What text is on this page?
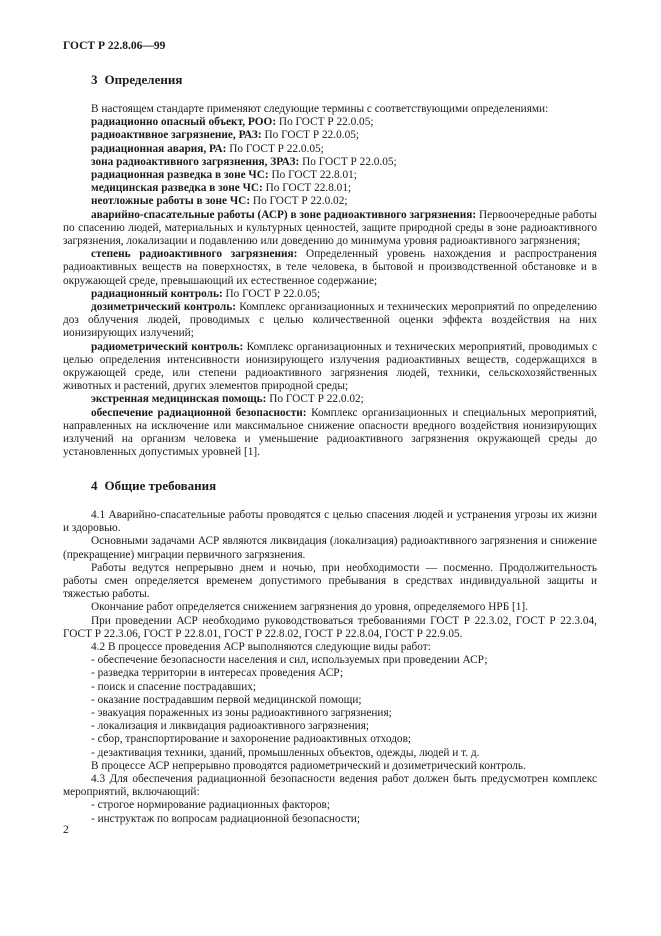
ГОСТ Р 22.8.06—99
3 Определения

В настоящем стандарте применяют следующие термины с соответствующими определениями:

радиационно опасный объект, РОО: По ГОСТ Р 22.0.05;

радиоактивное загрязнение, РАЗ: По ГОСТ Р 22.0.05;

радиационная авария, РА: По ГОСТ Р 22.0.05;

зона радиоактивного загрязнения, ЗРАЗ: По ГОСТ Р 22.0.05;

радиационная разведка в зоне ЧС: По ГОСТ 22.8.01;

медицинская разведка в зоне ЧС: По ГОСТ 22.8.01;

неотложные работы в зоне ЧС: По ГОСТ Р 22.0.02;

аварийно-спасательные работы (АСР) в зоне радиоактивного загрязнения: Первоочередные работы по спасению людей, материальных и культурных ценностей, защите природной среды в зоне радиоактивного загрязнения, локализации и подавлению или доведению до минимума уровня радиоактивного загрязнения;

степень радиоактивного загрязнения: Определенный уровень нахождения и распространения радиоактивных веществ на поверхностях, в теле человека, в бытовой и производственной обстановке и в окружающей среде, превышающий их естественное содержание;

радиационный контроль: По ГОСТ Р 22.0.05;

дозиметрический контроль: Комплекс организационных и технических мероприятий по определению доз облучения людей, проводимых с целью количественной оценки эффекта воздействия на них ионизирующих излучений;

радиометрический контроль: Комплекс организационных и технических мероприятий, проводимых с целью определения интенсивности ионизирующего излучения радиоактивных веществ, содержащихся в окружающей среде, или степени радиоактивного загрязнения людей, техники, сельскохозяйственных животных и растений, других элементов природной среды;

экстренная медицинская помощь: По ГОСТ Р 22.0.02;

обеспечение радиационной безопасности: Комплекс организационных и специальных мероприятий, направленных на исключение или максимальное снижение опасности вредного воздействия ионизирующих излучений на организм человека и уменьшение радиоактивного загрязнения окружающей среды до установленных допустимых уровней [1].

4 Общие требования

4.1 Аварийно-спасательные работы проводятся с целью спасения людей и устранения угрозы их жизни и здоровью.

Основными задачами АСР являются ликвидация (локализация) радиоактивного загрязнения и снижение (прекращение) миграции первичного загрязнения.

Работы ведутся непрерывно днем и ночью, при необходимости — посменно. Продолжительность работы смен определяется временем допустимого пребывания в средствах индивидуальной защиты и тяжестью работы.

Окончание работ определяется снижением загрязнения до уровня, определяемого НРБ [1].

При проведении АСР необходимо руководствоваться требованиями ГОСТ Р 22.3.02, ГОСТ Р 22.3.04, ГОСТ Р 22.3.06, ГОСТ Р 22.8.01, ГОСТ Р 22.8.02, ГОСТ Р 22.8.04, ГОСТ Р 22.9.05.

4.2 В процессе проведения АСР выполняются следующие виды работ:

- обеспечение безопасности населения и сил, используемых при проведении АСР;

- разведка территории в интересах проведения АСР;

- поиск и спасение пострадавших;

- оказание пострадавшим первой медицинской помощи;

- эвакуация пораженных из зоны радиоактивного загрязнения;

- локализация и ликвидация радиоактивного загрязнения;

- сбор, транспортирование и захоронение радиоактивных отходов;

- дезактивация техники, зданий, промышленных объектов, одежды, людей и т. д.

В процессе АСР непрерывно проводятся радиометрический и дозиметрический контроль.

4.3 Для обеспечения радиационной безопасности ведения работ должен быть предусмотрен комплекс мероприятий, включающий:

- строгое нормирование радиационных факторов;

- инструктаж по вопросам радиационной безопасности;

2
